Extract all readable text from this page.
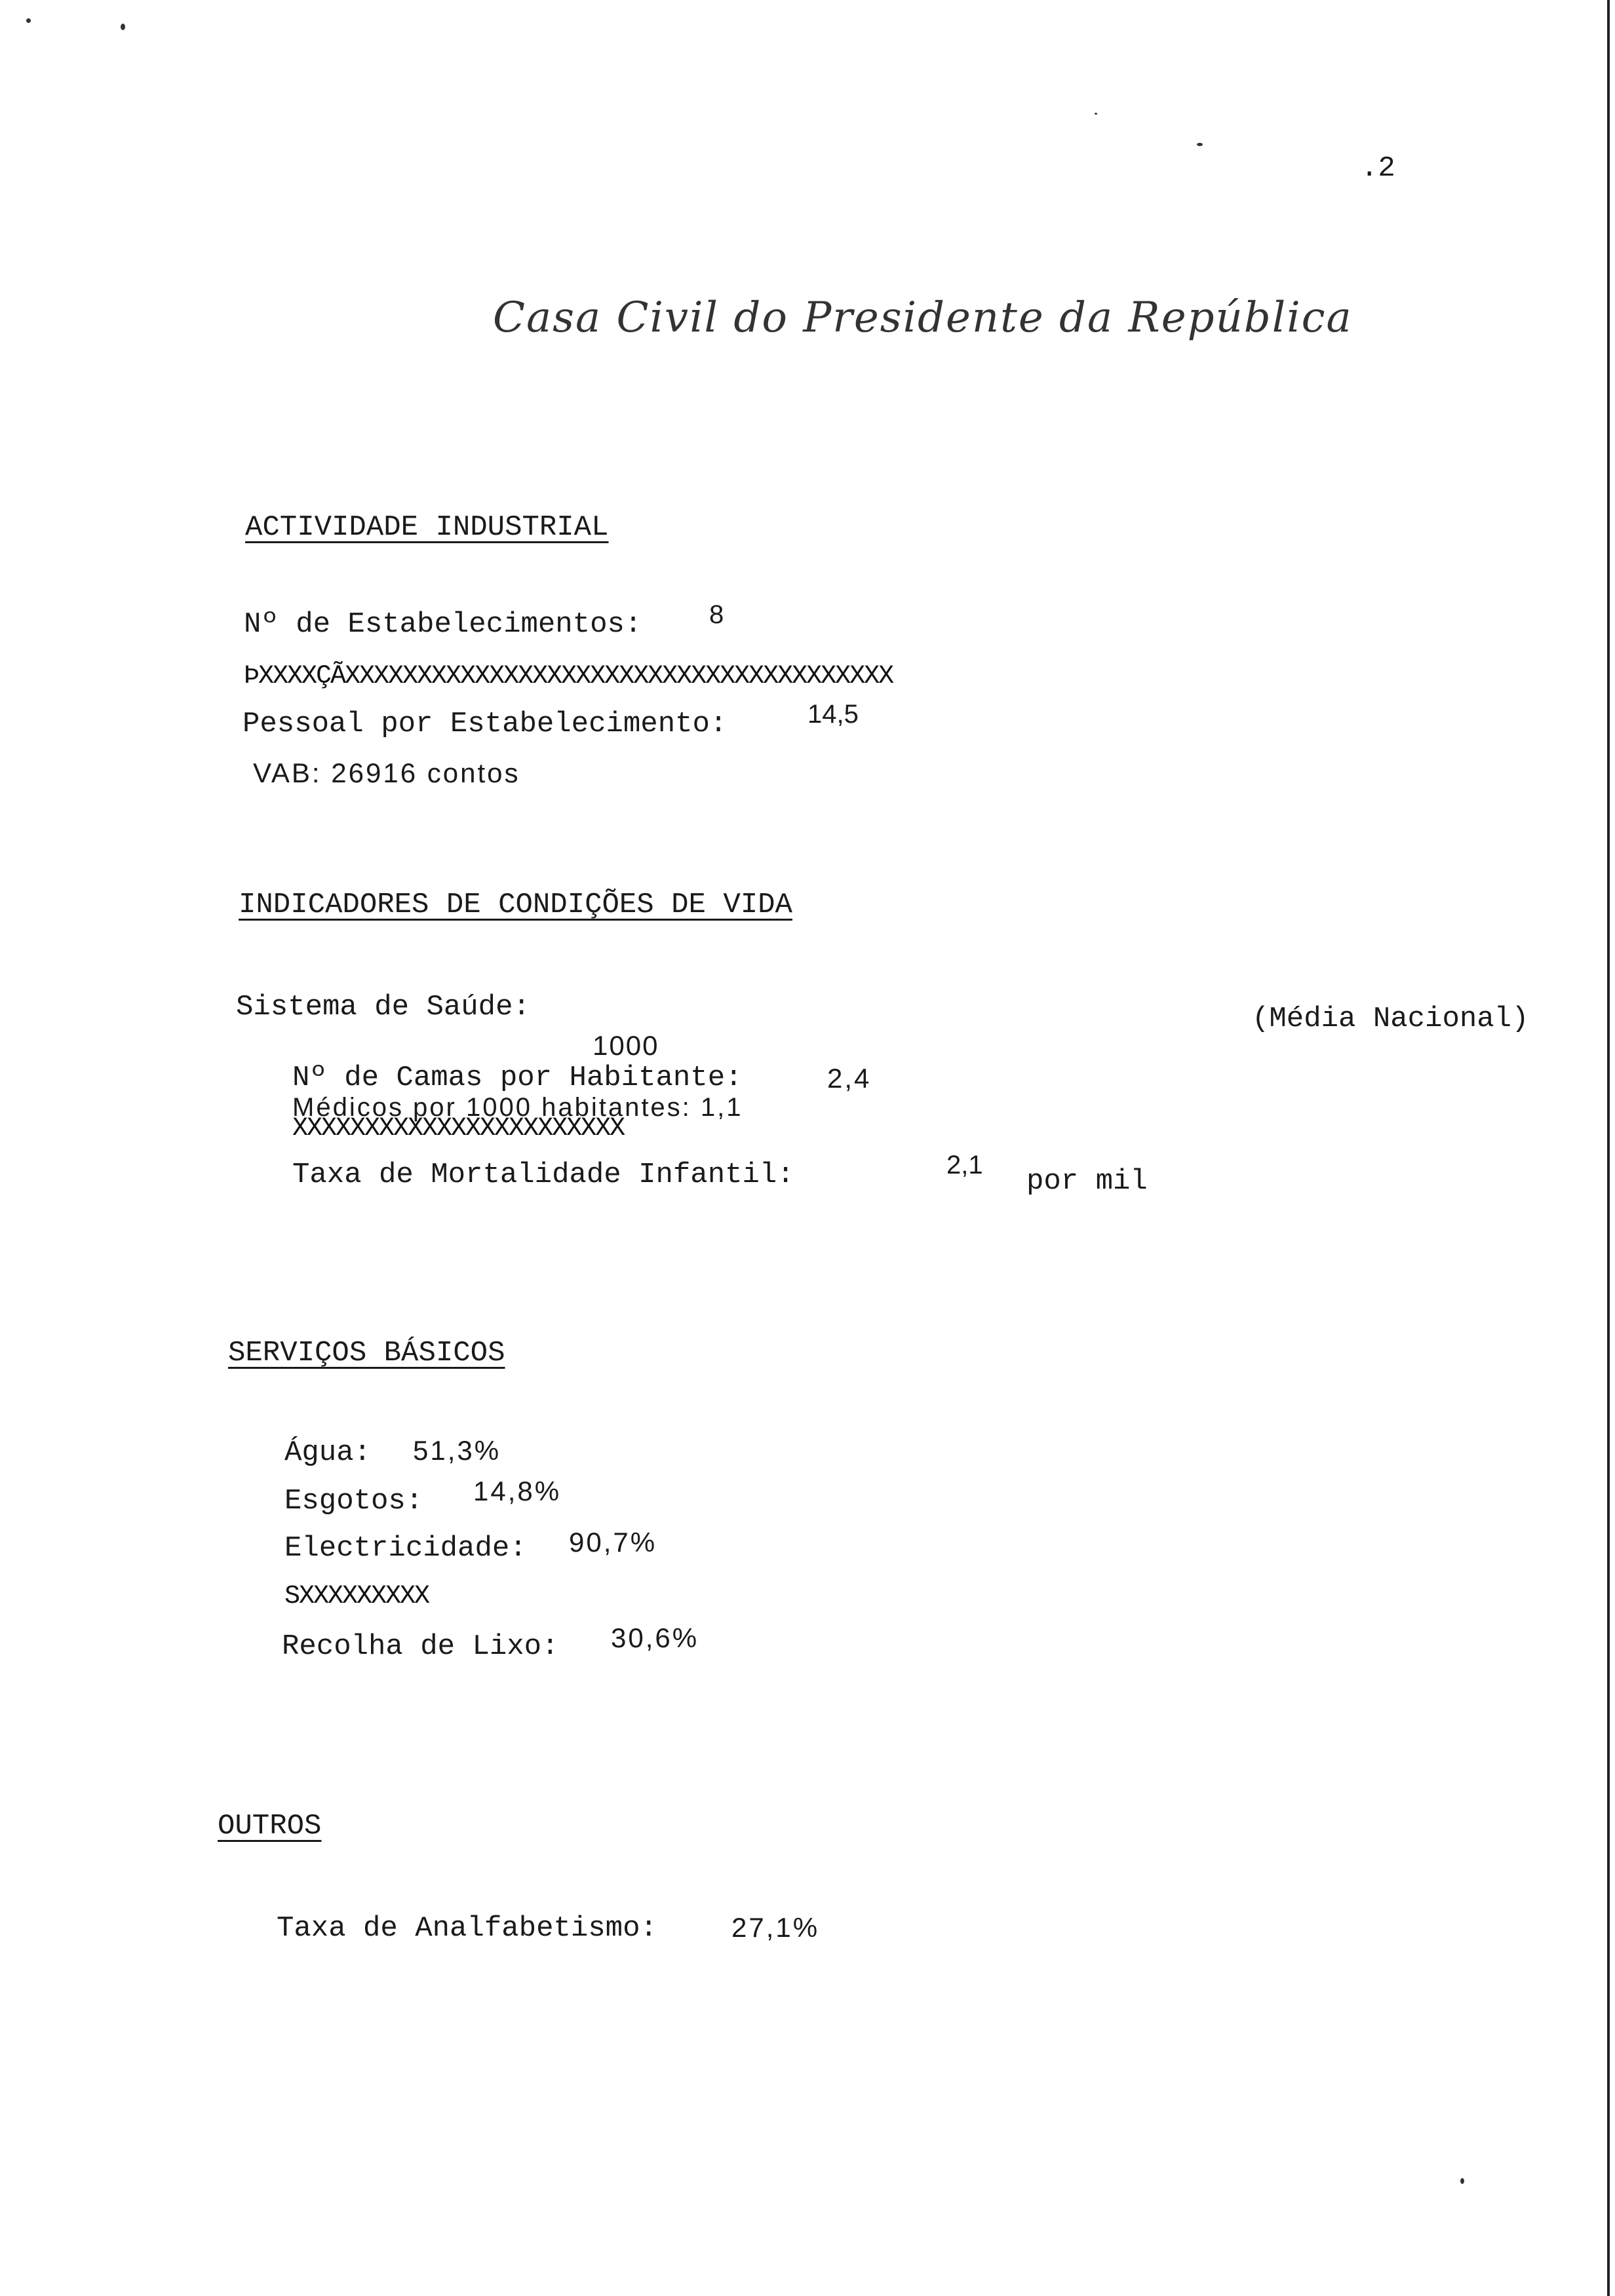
.2
Casa Civil do Presidente da República
ACTIVIDADE INDUSTRIAL
Nº de Estabelecimentos:	8
ÞXXXXÇÃXXXXXXXXXXXXXXXXXXXXXXXXXXXXXXXXXXXXXX
Pessoal por Estabelecimento:	14,5
VAB: 26916 contos
INDICADORES DE CONDIÇÕES DE VIDA
Sistema de Saúde:	(Média Nacional)
1000
Nº de Camas por Habitante:	2,4
Médicos por 1000 habitantes: 1,1
XXXXXXXXXXXXXXXXXXXXXXX
Taxa de Mortalidade Infantil:	2,1 por mil
SERVIÇOS BÁSICOS
Água: 51,3%
Esgotos: 14,8%
Electricidade: 90,7%
SXXXXXXXXX
Recolha de Lixo: 30,6%
OUTROS
Taxa de Analfabetismo:	27,1%
